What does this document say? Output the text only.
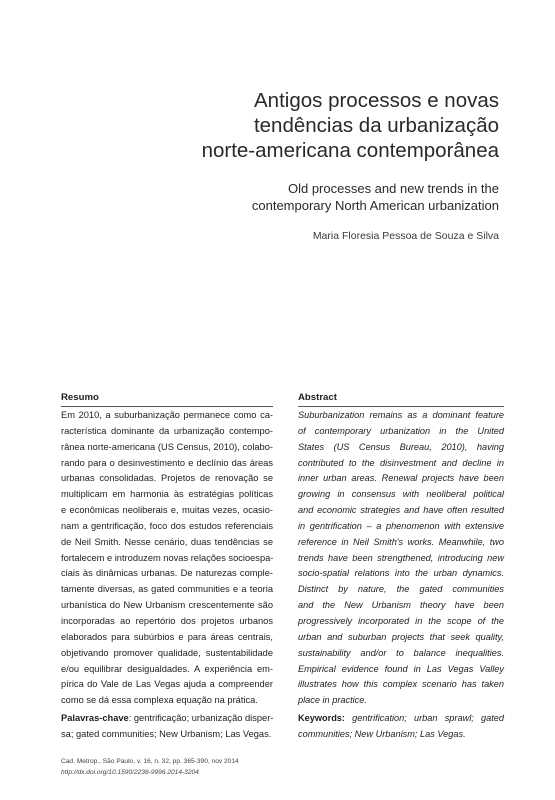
Antigos processos e novas
tendências da urbanização
norte-americana contemporânea
Old processes and new trends in the
contemporary North American urbanization
Maria Floresia Pessoa de Souza e Silva
Resumo
Em 2010, a suburbanização permanece como ca-
racterística dominante da urbanização contempo-
rânea norte-americana (US Census, 2010), colabo-
rando para o desinvestimento e declínio das áreas
urbanas consolidadas. Projetos de renovação se
multiplicam em harmonia às estratégias políticas
e econômicas neoliberais e, muitas vezes, ocasio-
nam a gentrificação, foco dos estudos referenciais
de Neil Smith. Nesse cenário, duas tendências se
fortalecem e introduzem novas relações socioespa-
ciais às dinâmicas urbanas. De naturezas comple-
tamente diversas, as gated communities e a teoria
urbanística do New Urbanism crescentemente são
incorporadas ao repertório dos projetos urbanos
elaborados para subúrbios e para áreas centrais,
objetivando promover qualidade, sustentabilidade
e/ou equilibrar desigualdades. A experiência em-
pírica do Vale de Las Vegas ajuda a compreender
como se dá essa complexa equação na prática.
Palavras-chave: gentrificação; urbanização disper-
sa; gated communities; New Urbanism; Las Vegas.
Abstract
Suburbanization remains as a dominant feature
of contemporary urbanization in the United
States (US Census Bureau, 2010), having
contributed to the disinvestment and decline in
inner urban areas. Renewal projects have been
growing in consensus with neoliberal political
and economic strategies and have often resulted
in gentrification – a phenomenon with extensive
reference in Neil Smith's works. Meanwhile, two
trends have been strengthened, introducing new
socio-spatial relations into the urban dynamics.
Distinct by nature, the gated communities
and the New Urbanism theory have been
progressively incorporated in the scope of the
urban and suburban projects that seek quality,
sustainability and/or to balance inequalities.
Empirical evidence found in Las Vegas Valley
illustrates how this complex scenario has taken
place in practice.
Keywords: gentrification; urban sprawl; gated
communities; New Urbanism; Las Vegas.
Cad. Metrop., São Paulo, v. 16, n. 32, pp. 365-390, nov 2014
http://dx.doi.org/10.1590/2236-9996.2014-3204
